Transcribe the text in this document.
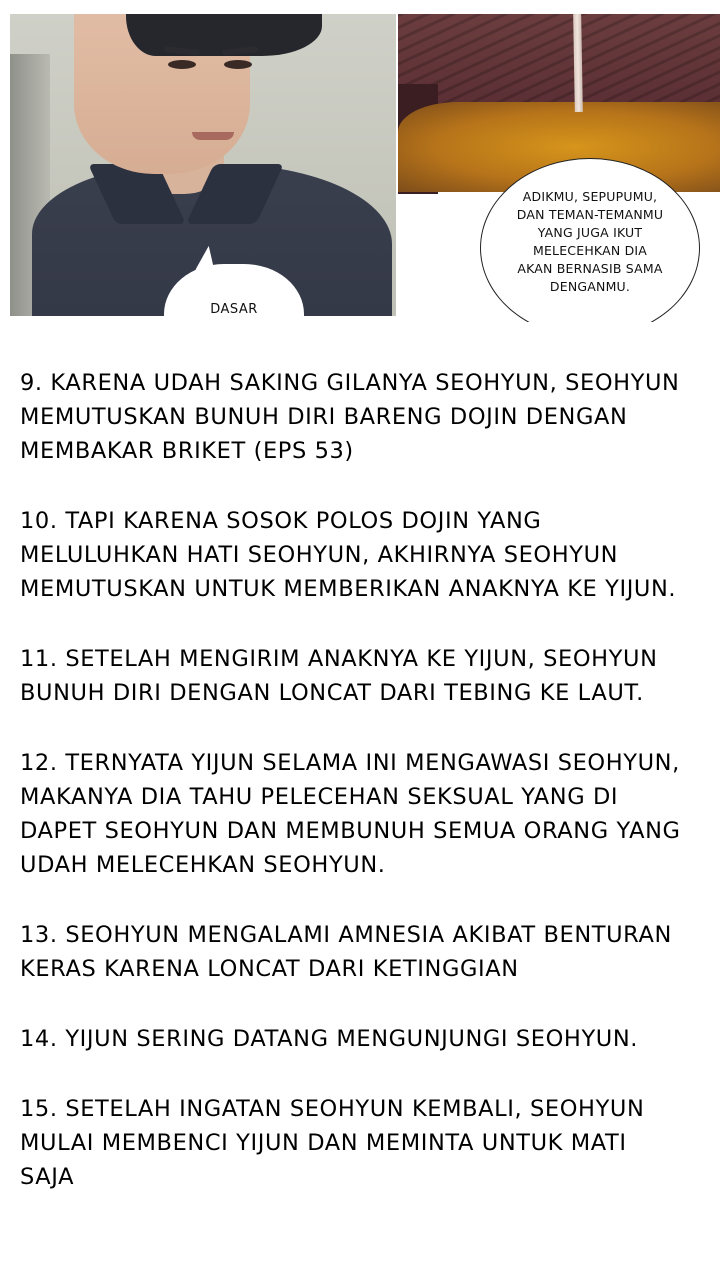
DASAR
ADIKMU, SEPUPUMU,
DAN TEMAN-TEMANMU
YANG JUGA IKUT
MELECEHKAN DIA
AKAN BERNASIB SAMA
DENGANMU.
9. KARENA UDAH SAKING GILANYA SEOHYUN, SEOHYUN
MEMUTUSKAN BUNUH DIRI BARENG DOJIN DENGAN
MEMBAKAR BRIKET (EPS 53)
10. TAPI KARENA SOSOK POLOS DOJIN YANG
MELULUHKAN HATI SEOHYUN, AKHIRNYA SEOHYUN
MEMUTUSKAN UNTUK MEMBERIKAN ANAKNYA KE YIJUN.
11. SETELAH MENGIRIM ANAKNYA KE YIJUN, SEOHYUN
BUNUH DIRI DENGAN LONCAT DARI TEBING KE LAUT.
12. TERNYATA YIJUN SELAMA INI MENGAWASI SEOHYUN,
MAKANYA DIA TAHU PELECEHAN SEKSUAL YANG DI
DAPET SEOHYUN DAN MEMBUNUH SEMUA ORANG YANG
UDAH MELECEHKAN SEOHYUN.
13. SEOHYUN MENGALAMI AMNESIA AKIBAT BENTURAN
KERAS KARENA LONCAT DARI KETINGGIAN
14. YIJUN SERING DATANG MENGUNJUNGI SEOHYUN.
15. SETELAH INGATAN SEOHYUN KEMBALI, SEOHYUN
MULAI MEMBENCI YIJUN DAN MEMINTA UNTUK MATI
SAJA
